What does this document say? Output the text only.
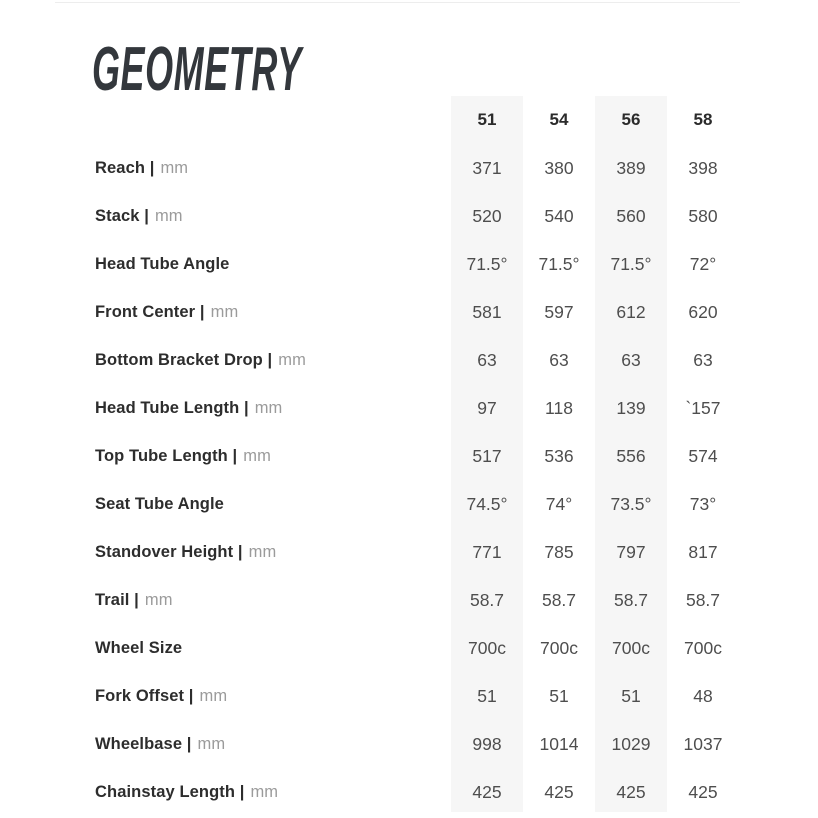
GEOMETRY
51	54	56	58
Reach | mm	371	380	389	398
Stack | mm	520	540	560	580
Head Tube Angle	71.5°	71.5°	71.5°	72°
Front Center | mm	581	597	612	620
Bottom Bracket Drop | mm	63	63	63	63
Head Tube Length | mm	97	118	139	`157
Top Tube Length | mm	517	536	556	574
Seat Tube Angle	74.5°	74°	73.5°	73°
Standover Height | mm	771	785	797	817
Trail | mm	58.7	58.7	58.7	58.7
Wheel Size	700c	700c	700c	700c
Fork Offset | mm	51	51	51	48
Wheelbase | mm	998	1014	1029	1037
Chainstay Length | mm	425	425	425	425
